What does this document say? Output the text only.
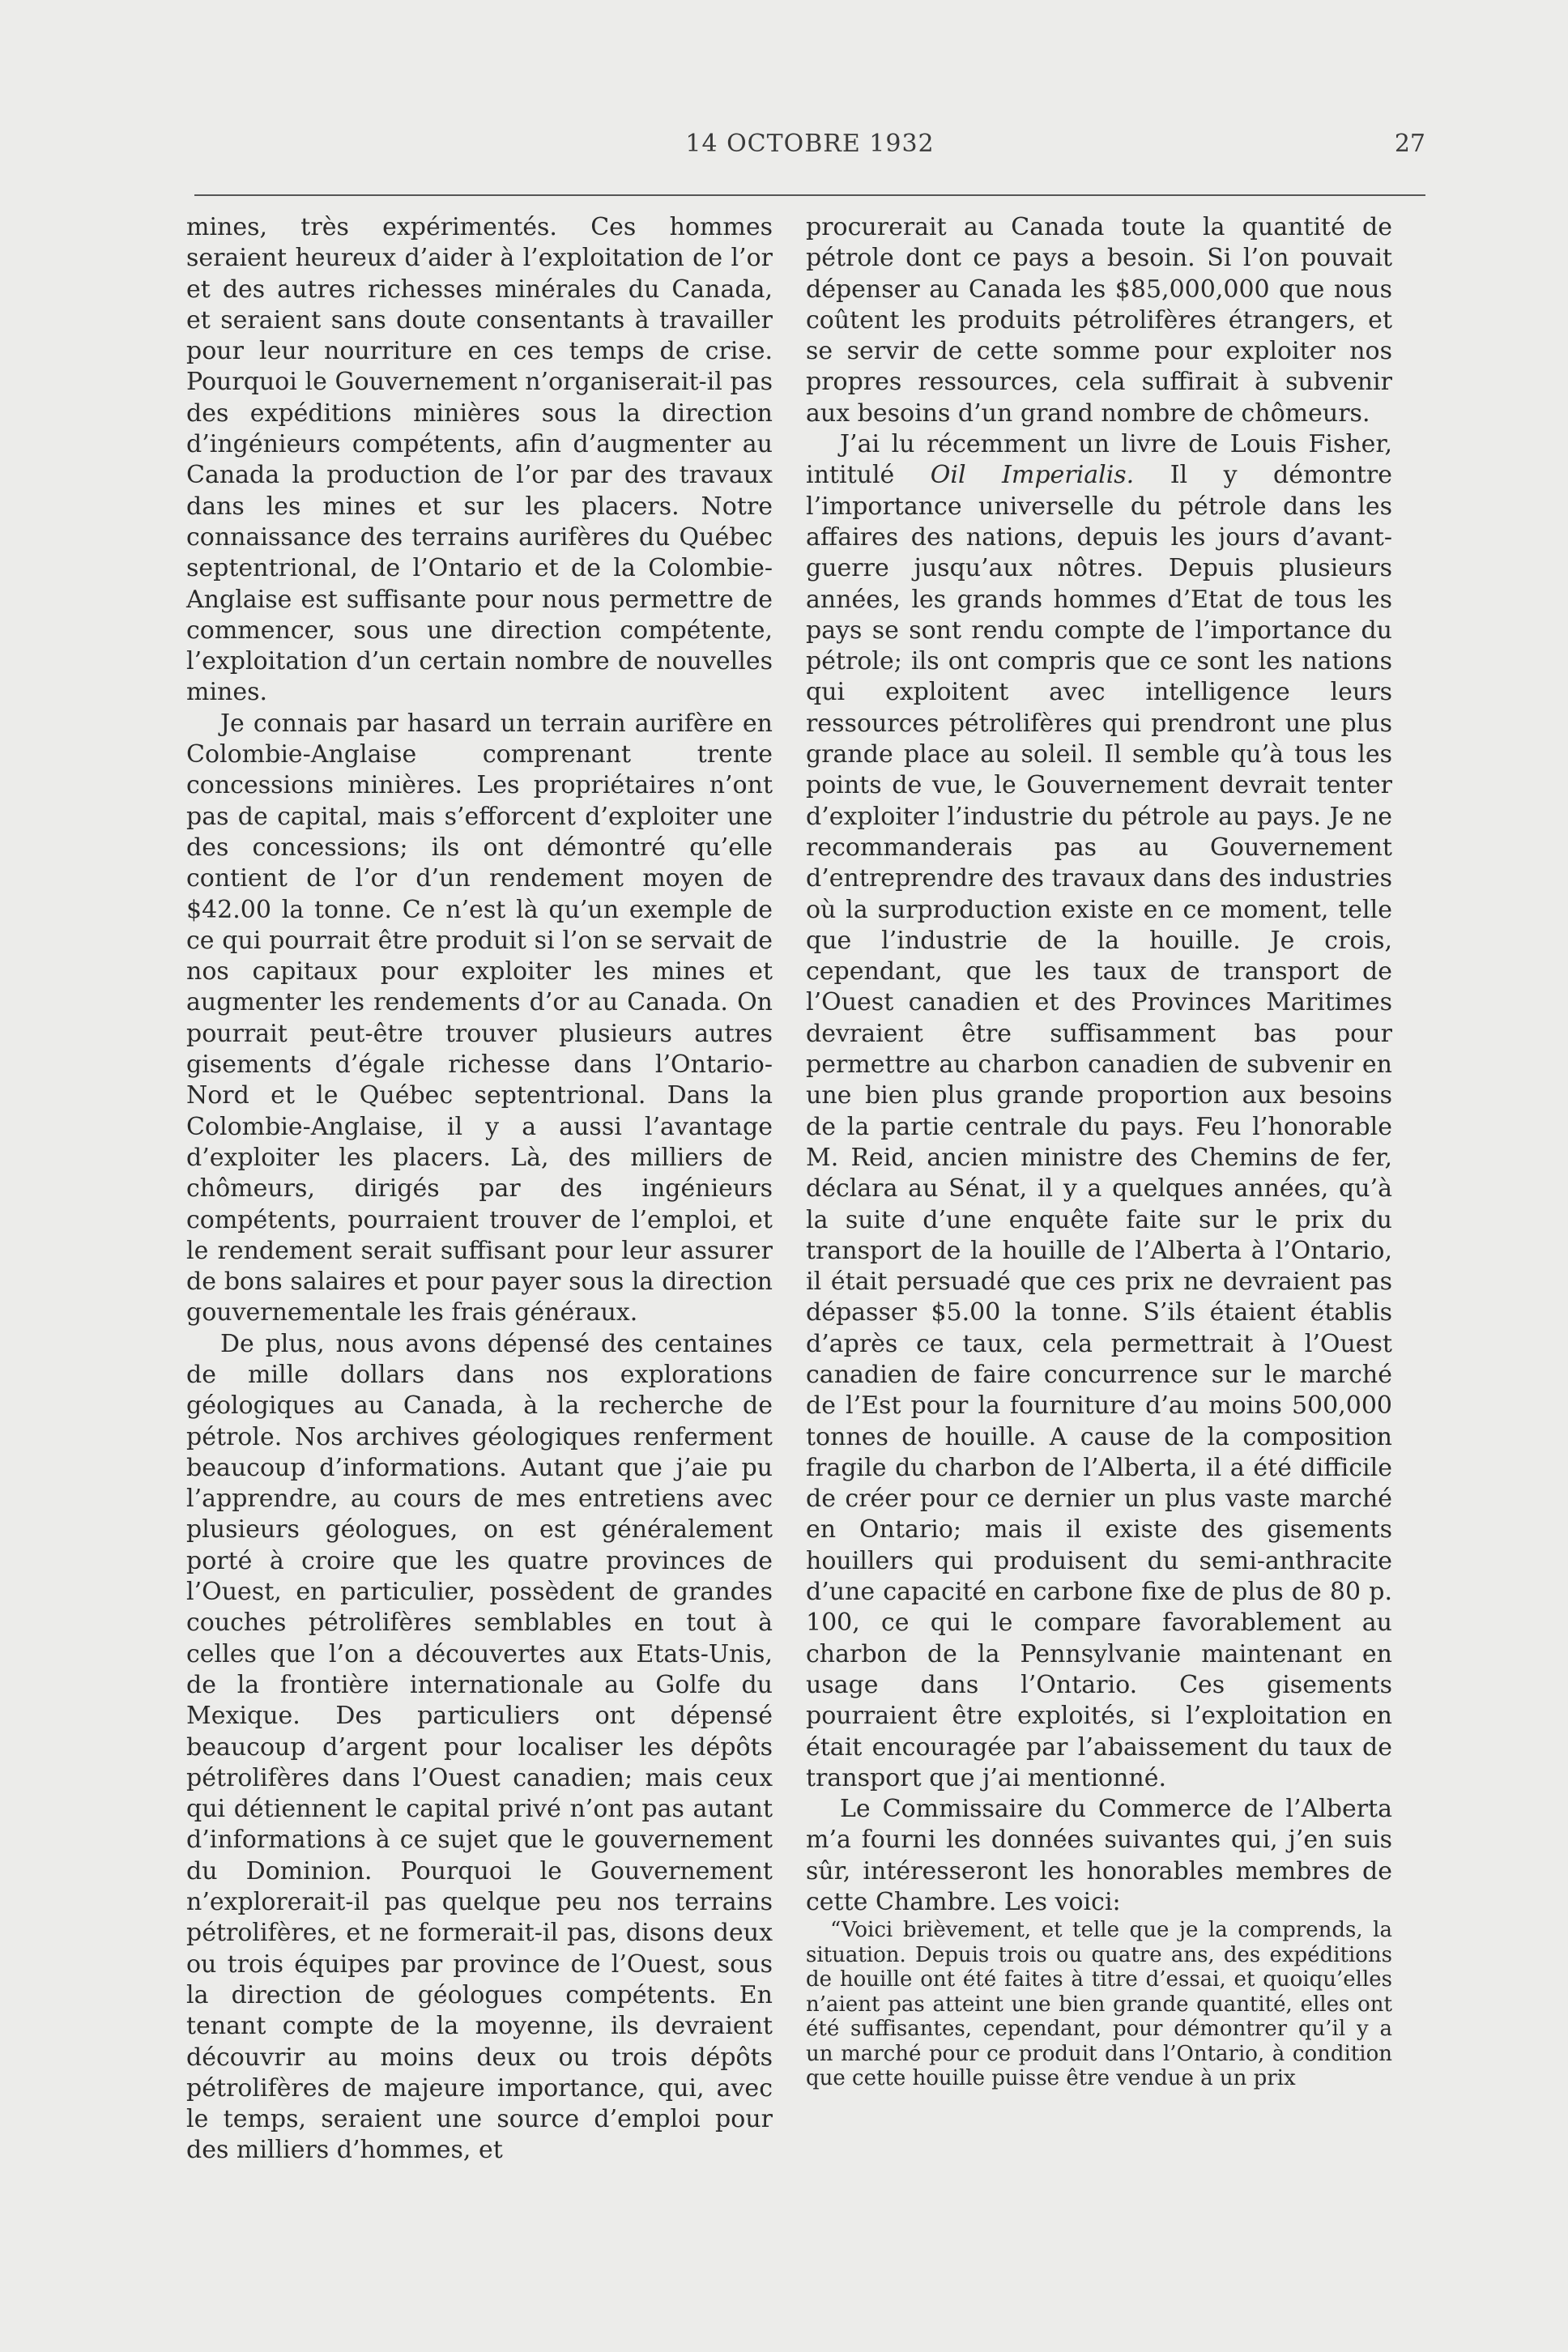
14 OCTOBRE 1932	27

mines, très expérimentés. Ces hommes seraient heureux d’aider à l’exploitation de l’or et des autres richesses minérales du Canada, et seraient sans doute consentants à travailler pour leur nourriture en ces temps de crise. Pourquoi le Gouvernement n’organiserait-il pas des expéditions minières sous la direction d’ingénieurs compétents, afin d’augmenter au Canada la production de l’or par des travaux dans les mines et sur les placers. Notre connaissance des terrains aurifères du Québec septentrional, de l’Ontario et de la Colombie-Anglaise est suffisante pour nous permettre de commencer, sous une direction compétente, l’exploitation d’un certain nombre de nouvelles mines.

Je connais par hasard un terrain aurifère en Colombie-Anglaise comprenant trente concessions minières. Les propriétaires n’ont pas de capital, mais s’efforcent d’exploiter une des concessions; ils ont démontré qu’elle contient de l’or d’un rendement moyen de $42.00 la tonne. Ce n’est là qu’un exemple de ce qui pourrait être produit si l’on se servait de nos capitaux pour exploiter les mines et augmenter les rendements d’or au Canada. On pourrait peut-être trouver plusieurs autres gisements d’égale richesse dans l’Ontario-Nord et le Québec septentrional. Dans la Colombie-Anglaise, il y a aussi l’avantage d’exploiter les placers. Là, des milliers de chômeurs, dirigés par des ingénieurs compétents, pourraient trouver de l’emploi, et le rendement serait suffisant pour leur assurer de bons salaires et pour payer sous la direction gouvernementale les frais généraux.

De plus, nous avons dépensé des centaines de mille dollars dans nos explorations géologiques au Canada, à la recherche de pétrole. Nos archives géologiques renferment beaucoup d’informations. Autant que j’aie pu l’apprendre, au cours de mes entretiens avec plusieurs géologues, on est généralement porté à croire que les quatre provinces de l’Ouest, en particulier, possèdent de grandes couches pétrolifères semblables en tout à celles que l’on a découvertes aux Etats-Unis, de la frontière internationale au Golfe du Mexique. Des particuliers ont dépensé beaucoup d’argent pour localiser les dépôts pétrolifères dans l’Ouest canadien; mais ceux qui détiennent le capital privé n’ont pas autant d’informations à ce sujet que le gouvernement du Dominion. Pourquoi le Gouvernement n’explorerait-il pas quelque peu nos terrains pétrolifères, et ne formerait-il pas, disons deux ou trois équipes par province de l’Ouest, sous la direction de géologues compétents. En tenant compte de la moyenne, ils devraient découvrir au moins deux ou trois dépôts pétrolifères de majeure importance, qui, avec le temps, seraient une source d’emploi pour des milliers d’hommes, et

procurerait au Canada toute la quantité de pétrole dont ce pays a besoin. Si l’on pouvait dépenser au Canada les $85,000,000 que nous coûtent les produits pétrolifères étrangers, et se servir de cette somme pour exploiter nos propres ressources, cela suffirait à subvenir aux besoins d’un grand nombre de chômeurs.

J’ai lu récemment un livre de Louis Fisher, intitulé Oil Imperialis. Il y démontre l’importance universelle du pétrole dans les affaires des nations, depuis les jours d’avant-guerre jusqu’aux nôtres. Depuis plusieurs années, les grands hommes d’Etat de tous les pays se sont rendu compte de l’importance du pétrole; ils ont compris que ce sont les nations qui exploitent avec intelligence leurs ressources pétrolifères qui prendront une plus grande place au soleil. Il semble qu’à tous les points de vue, le Gouvernement devrait tenter d’exploiter l’industrie du pétrole au pays. Je ne recommanderais pas au Gouvernement d’entreprendre des travaux dans des industries où la surproduction existe en ce moment, telle que l’industrie de la houille. Je crois, cependant, que les taux de transport de l’Ouest canadien et des Provinces Maritimes devraient être suffisamment bas pour permettre au charbon canadien de subvenir en une bien plus grande proportion aux besoins de la partie centrale du pays. Feu l’honorable M. Reid, ancien ministre des Chemins de fer, déclara au Sénat, il y a quelques années, qu’à la suite d’une enquête faite sur le prix du transport de la houille de l’Alberta à l’Ontario, il était persuadé que ces prix ne devraient pas dépasser $5.00 la tonne. S’ils étaient établis d’après ce taux, cela permettrait à l’Ouest canadien de faire concurrence sur le marché de l’Est pour la fourniture d’au moins 500,000 tonnes de houille. A cause de la composition fragile du charbon de l’Alberta, il a été difficile de créer pour ce dernier un plus vaste marché en Ontario; mais il existe des gisements houillers qui produisent du semi-anthracite d’une capacité en carbone fixe de plus de 80 p. 100, ce qui le compare favorablement au charbon de la Pennsylvanie maintenant en usage dans l’Ontario. Ces gisements pourraient être exploités, si l’exploitation en était encouragée par l’abaissement du taux de transport que j’ai mentionné.

Le Commissaire du Commerce de l’Alberta m’a fourni les données suivantes qui, j’en suis sûr, intéresseront les honorables membres de cette Chambre. Les voici:

“Voici brièvement, et telle que je la comprends, la situation. Depuis trois ou quatre ans, des expéditions de houille ont été faites à titre d’essai, et quoiqu’elles n’aient pas atteint une bien grande quantité, elles ont été suffisantes, cependant, pour démontrer qu’il y a un marché pour ce produit dans l’Ontario, à condition que cette houille puisse être vendue à un prix
